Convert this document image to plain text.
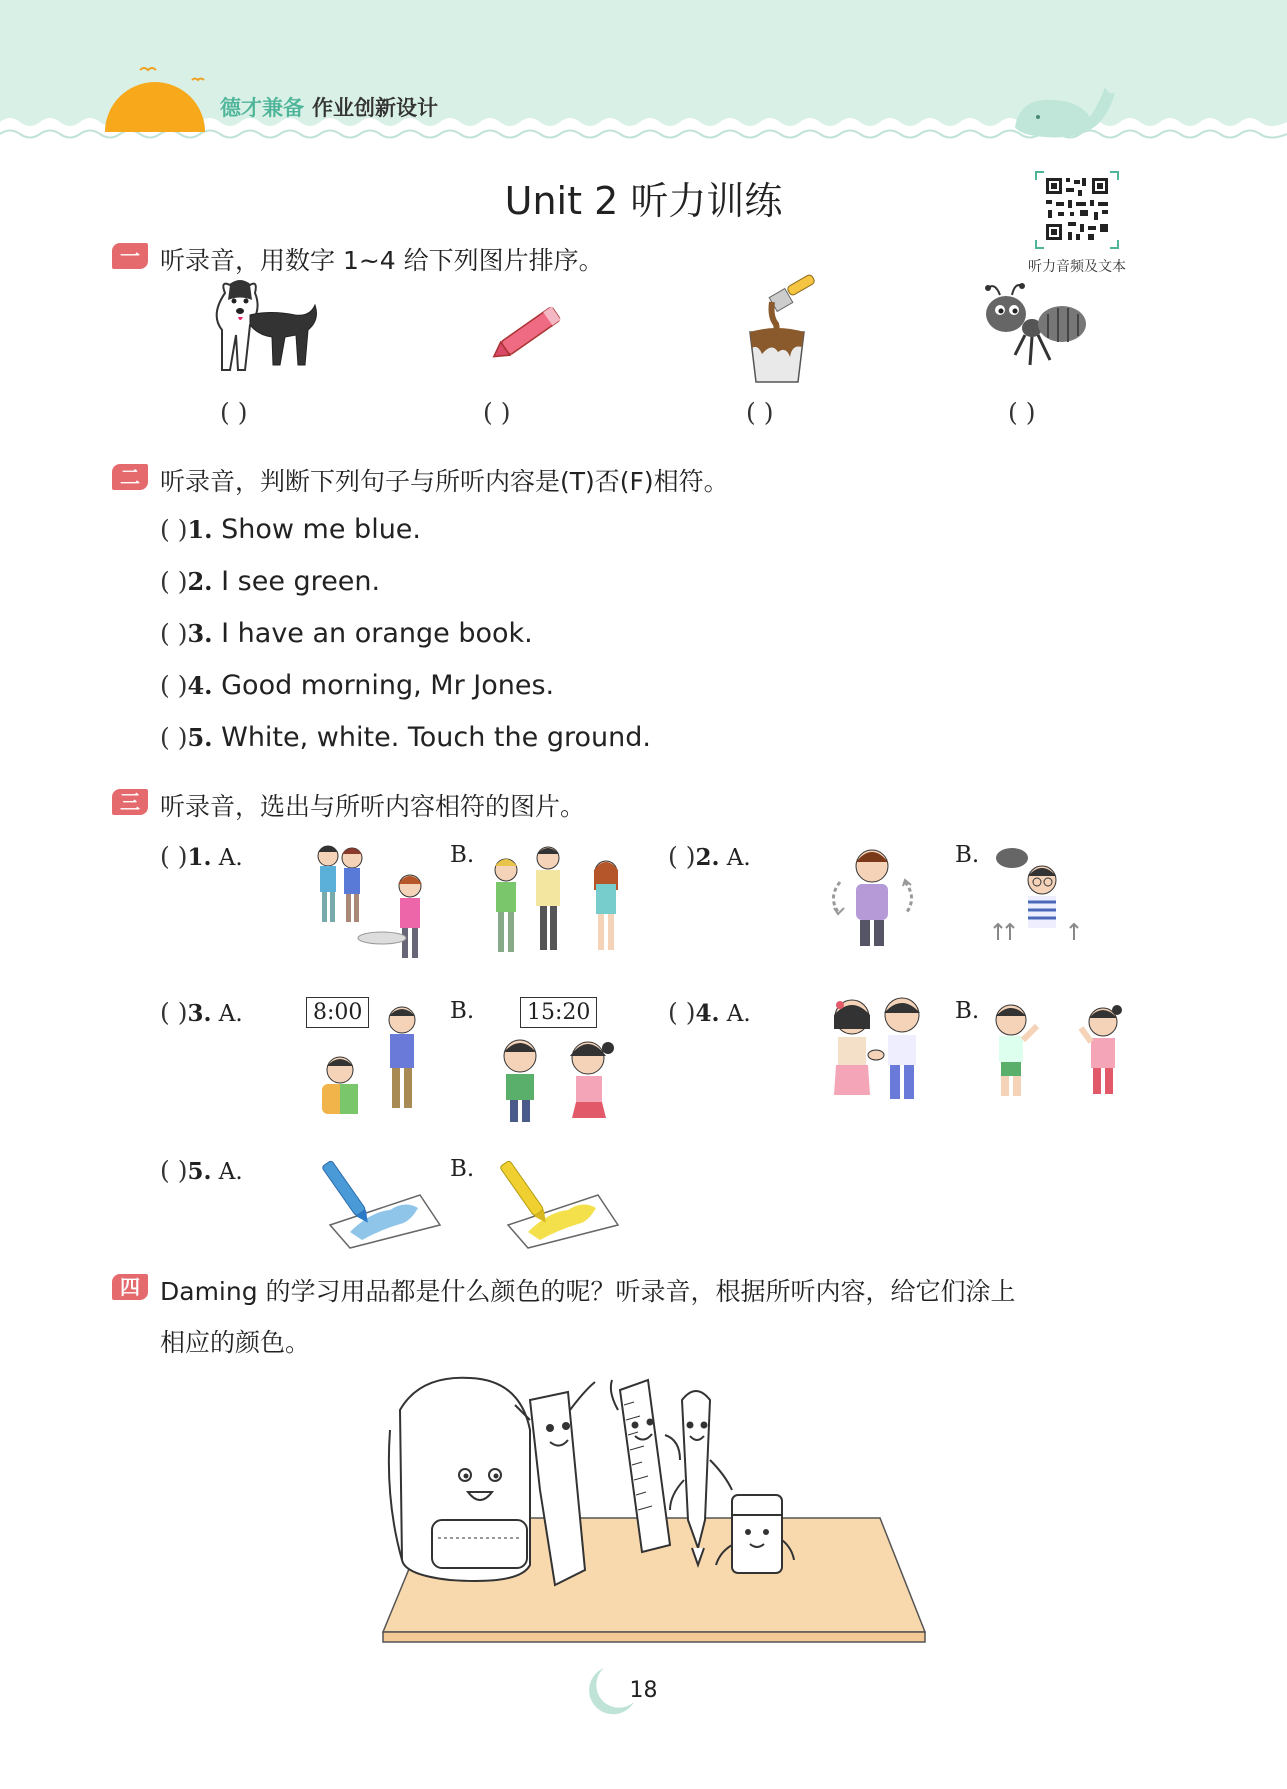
德才兼备 作业创新设计
Unit 2 听力训练
听力音频及文本
一 听录音，用数字 1~4 给下列图片排序。
( )	( )	( )	( )
二 听录音，判断下列句子与所听内容是(T)否(F)相符。
( )1. Show me blue.
( )2. I see green.
( )3. I have an orange book.
( )4. Good morning, Mr Jones.
( )5. White, white. Touch the ground.
三 听录音，选出与所听内容相符的图片。
( )1. A.	B.	( )2. A.	B.
( )3. A.	8:00	B.	15:20	( )4. A.	B.
( )5. A.	B.
四 Daming 的学习用品都是什么颜色的呢？听录音，根据所听内容，给它们涂上
相应的颜色。
18
